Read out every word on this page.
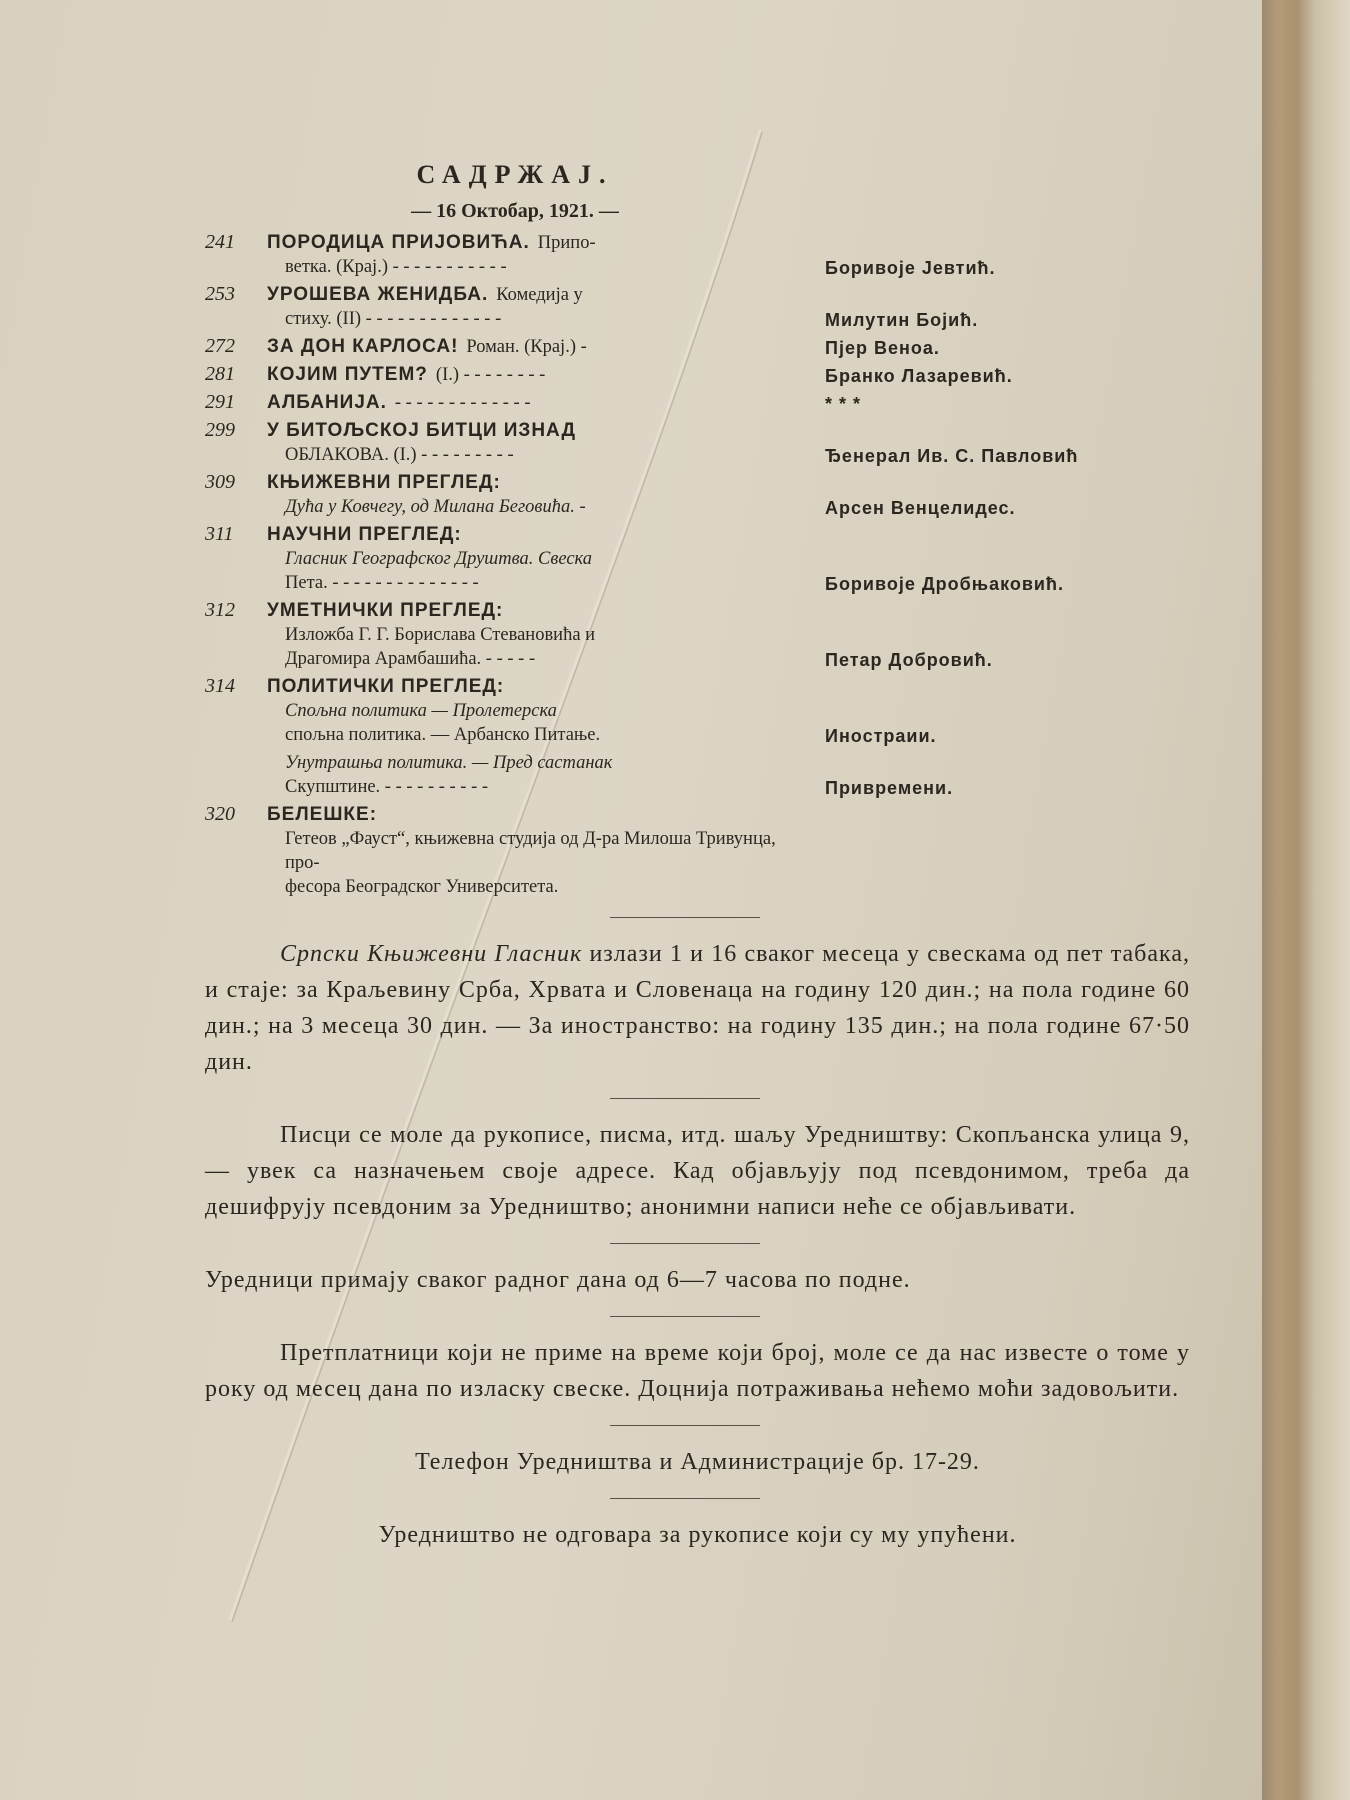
САДРЖАЈ.
— 16 Октобар, 1921. —
241	ПОРОДИЦА ПРИЈОВИЋА. Припо-
ветка. (Крај.) - - - - - - - - - - -	Боривоје Јевтић.
253	УРОШЕВА ЖЕНИДБА. Комедија у
стиху. (II) - - - - - - - - - - - - -	Милутин Бојић.
272	ЗА ДОН КАРЛОСА! Роман. (Крај.) -	Пјер Веноа.
281	КОЈИМ ПУТЕМ? (I.) - - - - - - - -	Бранко Лазаревић.
291	АЛБАНИЈА. - - - - - - - - - - - - -	* * *
299	У БИТОЉСКОЈ БИТЦИ ИЗНАД
ОБЛАКОВА. (I.) - - - - - - - - -	Ђенерал Ив. С. Павловић
309	КЊИЖЕВНИ ПРЕГЛЕД:
Дућа у Ковчегу, од Милана Беговића. -	Арсен Венцелидес.
311	НАУЧНИ ПРЕГЛЕД:
Гласник Географског Друштва. Свеска
Пета. - - - - - - - - - - - - - -	Боривоје Дробњаковић.
312	УМЕТНИЧКИ ПРЕГЛЕД:
Изложба Г. Г. Борислава Стевановића и
Драгомира Арамбашића. - - - - -	Петар Добровић.
314	ПОЛИТИЧКИ ПРЕГЛЕД:
Спољна политика — Пролетерска
спољна политика. — Арбанско Питање.	Иностраии.
Унутрашња политика. — Пред састанак
Скупштине. - - - - - - - - - -	Привремени.
320	БЕЛЕШКЕ:
Гетеов „Фауст“, књижевна студија од Д-ра Милоша Тривунца, про-
фесора Београдског Университета.
Српски Књижевни Гласник излази 1 и 16 сваког месеца у свескама од пет табака, и стаје: за Краљевину Срба, Хрвата и Словенаца на годину 120 дин.; на пола године 60 дин.; на 3 месеца 30 дин. — За иностранство: на годину 135 дин.; на пола године 67·50 дин.
Писци се моле да рукописе, писма, итд. шаљу Уредништву: Скопљанска улица 9, — увек са назначењем своје адресе. Кад објављују под псевдонимом, треба да дешифрују псевдоним за Уредништво; анонимни написи неће се објављивати.
Уредници примају сваког радног дана од 6—7 часова по подне.
Претплатници који не приме на време који број, моле се да нас известе о томе у року од месец дана по изласку свеске. Доцнија потраживања нећемо моћи задовољити.
Телефон Уредништва и Администрације бр. 17-29.
Уредништво не одговара за рукописе који су му упућени.
